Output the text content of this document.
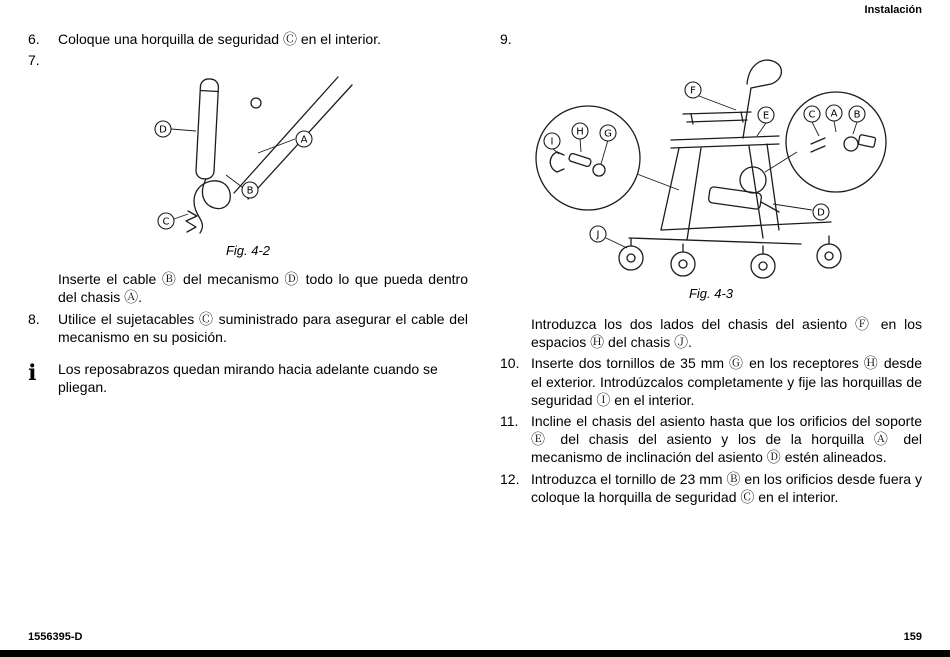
Instalación
6.	Coloque una horquilla de seguridad Ⓒ en el interior.
7.
D
A
B
C
Fig. 4-2

Inserte el cable Ⓑ del mecanismo Ⓓ todo lo que pueda dentro del chasis Ⓐ.

8.	Utilice el sujetacables Ⓒ suministrado para asegurar el cable del mecanismo en su posición.
ℹ	Los reposabrazos quedan mirando hacia adelante cuando se pliegan.
9.
F
E	C A B
I
H G
D
J
Fig. 4-3

Introduzca los dos lados del chasis del asiento Ⓕ en los espacios Ⓗ del chasis Ⓙ.

10. Inserte dos tornillos de 35 mm Ⓖ en los receptores Ⓗ desde el exterior. Introdúzcalos completamente y fije las horquillas de seguridad Ⓘ en el interior.
11. Incline el chasis del asiento hasta que los orificios del soporte Ⓔ del chasis del asiento y los de la horquilla Ⓐ del mecanismo de inclinación del asiento Ⓓ estén alineados.
12. Introduzca el tornillo de 23 mm Ⓑ en los orificios desde fuera y coloque la horquilla de seguridad Ⓒ en el interior.
1556395-D	159
